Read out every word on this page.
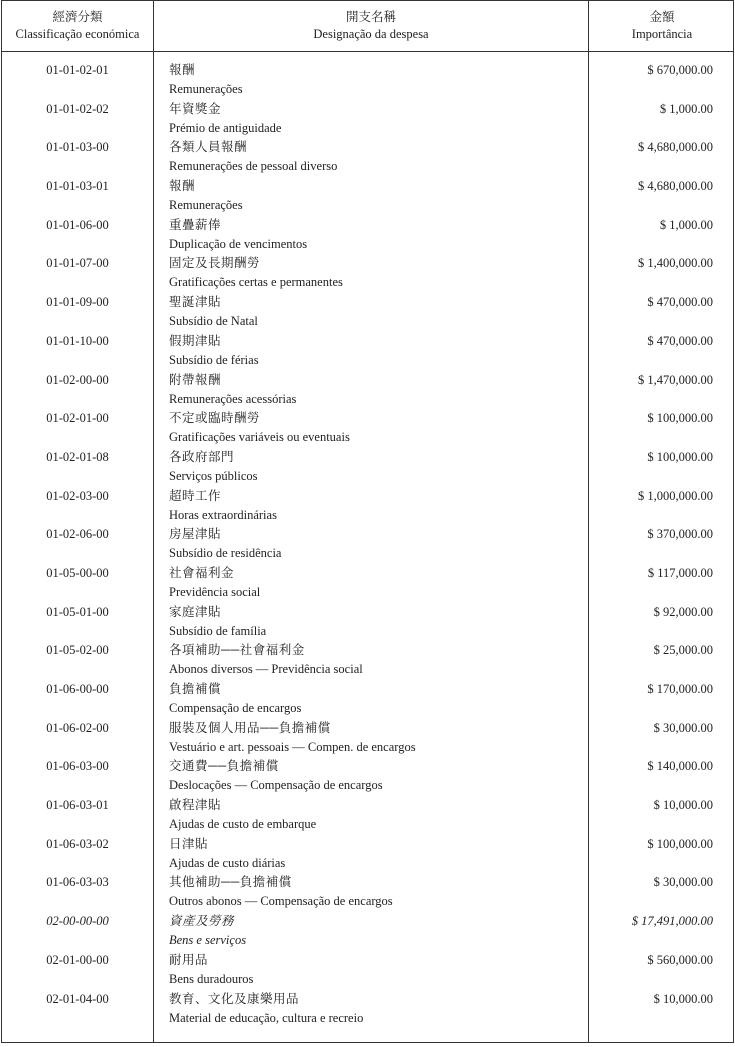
經濟分類
Classificação económica
開支名稱
Designação da despesa
金額
Importância
01-01-02-01	報酬
Remunerações
$ 670,000.00
01-01-02-02	年資獎金
Prémio de antiguidade
$ 1,000.00
01-01-03-00	各類人員報酬
Remunerações de pessoal diverso
$ 4,680,000.00
01-01-03-01	報酬
Remunerações
$ 4,680,000.00
01-01-06-00	重疊薪俸
Duplicação de vencimentos
$ 1,000.00
01-01-07-00	固定及長期酬勞
Gratificações certas e permanentes
$ 1,400,000.00
01-01-09-00	聖誕津貼
Subsídio de Natal
$ 470,000.00
01-01-10-00	假期津貼
Subsídio de férias
$ 470,000.00
01-02-00-00	附帶報酬
Remunerações acessórias
$ 1,470,000.00
01-02-01-00	不定或臨時酬勞
Gratificações variáveis ou eventuais
$ 100,000.00
01-02-01-08	各政府部門
Serviços públicos
$ 100,000.00
01-02-03-00	超時工作
Horas extraordinárias
$ 1,000,000.00
01-02-06-00	房屋津貼
Subsídio de residência
$ 370,000.00
01-05-00-00	社會福利金
Previdência social
$ 117,000.00
01-05-01-00	家庭津貼
Subsídio de família
$ 92,000.00
01-05-02-00	各項補助──社會福利金
Abonos diversos — Previdência social
$ 25,000.00
01-06-00-00	負擔補償
Compensação de encargos
$ 170,000.00
01-06-02-00	服裝及個人用品──負擔補償
Vestuário e art. pessoais — Compen. de encargos
$ 30,000.00
01-06-03-00	交通費──負擔補償
Deslocações — Compensação de encargos
$ 140,000.00
01-06-03-01	啟程津貼
Ajudas de custo de embarque
$ 10,000.00
01-06-03-02	日津貼
Ajudas de custo diárias
$ 100,000.00
01-06-03-03	其他補助──負擔補償
Outros abonos — Compensação de encargos
$ 30,000.00
02-00-00-00	資產及勞務
Bens e serviços
$ 17,491,000.00
02-01-00-00	耐用品
Bens duradouros
$ 560,000.00
02-01-04-00	教育、文化及康樂用品
Material de educação, cultura e recreio
$ 10,000.00
